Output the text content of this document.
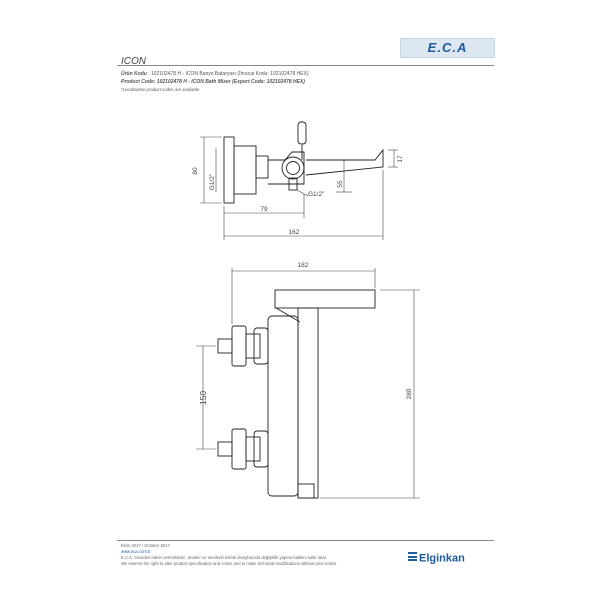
E.C.A
ICON
Ürün Kodu : 102102478 H - ICON Banyo Bataryası (İhracat Kodu: 102102478 HEX)
Product Code: 102102478 H - ICON Bath Mixer (Export Code: 102102478 HEX)
*Localisation product codes are available.
80
G1/2"
G1/2"
55
17
79
162
182
150	280
Ekim 2017 / October 2017
www.eca.com.tr
E.C.A. önceden haber vermeksizin, ürünler ve ürünlerin teknik detaylarında değişiklik yapma hakkını saklı tutar.
We reserve the right to alter product specification and colors and to make technical modifications without prior notice.	Elginkan
